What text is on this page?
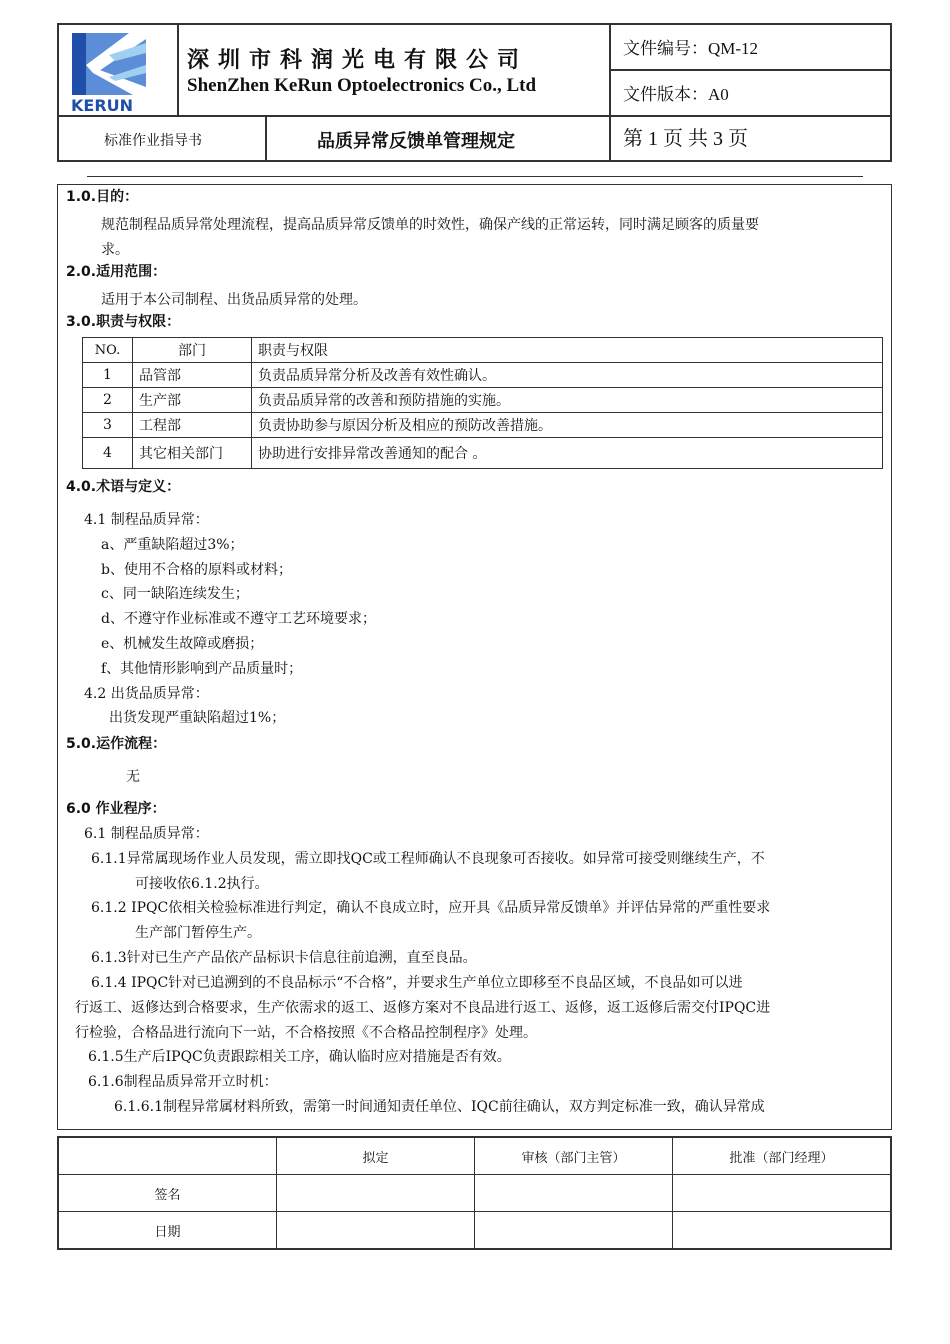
KERUN
深圳市科润光电有限公司
ShenZhen KeRun Optoelectronics Co., Ltd
文件编号：QM-12
文件版本：A0
标准作业指导书	品质异常反馈单管理规定	第 1 页 共 3 页
1.0.目的：
规范制程品质异常处理流程，提高品质异常反馈单的时效性，确保产线的正常运转，同时满足顾客的质量要
求。
2.0.适用范围：
适用于本公司制程、出货品质异常的处理。
3.0.职责与权限：
NO.	部门	职责与权限
1	品管部	负责品质异常分析及改善有效性确认。
2	生产部	负责品质异常的改善和预防措施的实施。
3	工程部	负责协助参与原因分析及相应的预防改善措施。
4	其它相关部门	协助进行安排异常改善通知的配合 。
4.0.术语与定义：
4.1 制程品质异常：
a、严重缺陷超过3%；
b、使用不合格的原料或材料；
c、同一缺陷连续发生；
d、不遵守作业标准或不遵守工艺环境要求；
e、机械发生故障或磨损；
f、其他情形影响到产品质量时；
4.2 出货品质异常：
出货发现严重缺陷超过1%；
5.0.运作流程：
无
6.0 作业程序：
6.1 制程品质异常：
6.1.1异常属现场作业人员发现，需立即找QC或工程师确认不良现象可否接收。如异常可接受则继续生产，不
可接收依6.1.2执行。
6.1.2 IPQC依相关检验标准进行判定，确认不良成立时，应开具《品质异常反馈单》并评估异常的严重性要求
生产部门暂停生产。
6.1.3针对已生产产品依产品标识卡信息往前追溯，直至良品。
6.1.4 IPQC针对已追溯到的不良品标示“不合格”，并要求生产单位立即移至不良品区域，不良品如可以进
行返工、返修达到合格要求，生产依需求的返工、返修方案对不良品进行返工、返修，返工返修后需交付IPQC进
行检验，合格品进行流向下一站，不合格按照《不合格品控制程序》处理。
6.1.5生产后IPQC负责跟踪相关工序，确认临时应对措施是否有效。
6.1.6制程品质异常开立时机：
6.1.6.1制程异常属材料所致，需第一时间通知责任单位、IQC前往确认，双方判定标准一致，确认异常成
	拟定	审核（部门主管）	批准（部门经理）
签名			
日期			
